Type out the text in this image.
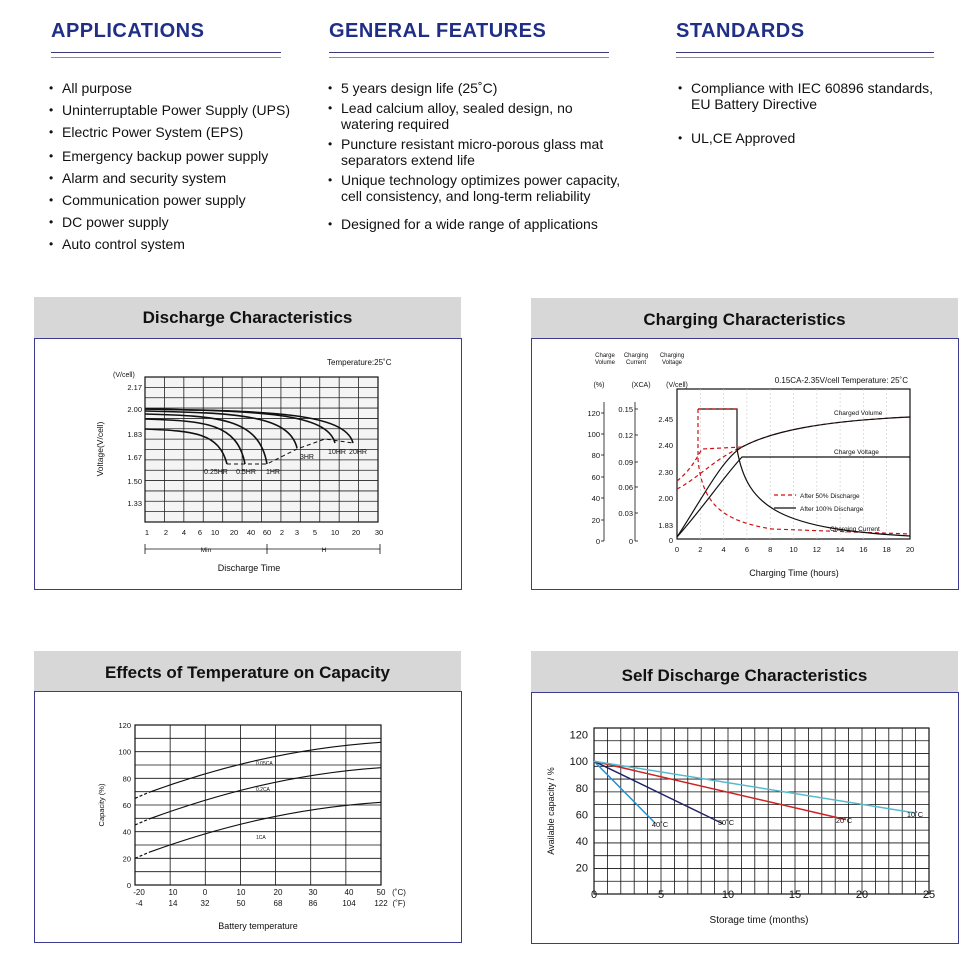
APPLICATIONS
• All purpose
• Uninterruptable Power Supply (UPS)
• Electric Power System (EPS)
• Emergency backup power supply
• Alarm and security system
• Communication power supply
• DC power supply
• Auto control system
GENERAL FEATURES
• 5 years design life (25˚C)
• Lead calcium alloy, sealed design, no
watering required
• Puncture resistant micro-porous glass mat
separators extend life
• Unique technology optimizes power capacity,
cell consistency, and long-term reliability
• Designed for a wide range of applications
STANDARDS
• Compliance with IEC 60896 standards,
EU Battery Directive
• UL,CE Approved
Discharge Characteristics
2.17
2.00
1.83
1.67
1.50
1.33
(V/cell)
Voltage(V/cell)
Temperature:25˚C
1 2 4 6 10 20 40 60 2 3 5 10 20 30
Min	H
Discharge Time
0.25HR 0.5HR 1HR
3HR
10HR 20HR
Charging Characteristics
Charge
Volume
Charging
Current
Charging
Voltage
(%)	(XCA) (V/cell)
120
100
80
60
40
20
0
0.15
0.12
0.09
0.06
0.03
0
2.45
2.40
2.30
2.00
1.83
0
0.15CA-2.35V/cell Temperature: 25˚C
0	2	4	6	8 10 12 14 16 18 20
Charging Time (hours)
Charged Volume
Charge Voltage
Charging Current
After 50% Discharge
After 100% Discharge
Effects of Temperature on Capacity
120
100
80
60
40
20
0
Capacity (%)
-20	10	0	10	20	30	40	50
-4	14	32	50	68	86	104 122
(˚C)
(˚F)
Battery temperature
0.05CA
0.2CA
1CA
Self Discharge Characteristics
120
100
80
60
40
20
Available capacity / %
0	5	10	15	20	25
Storage time (months)
40˚C	30˚C	20˚C
10˚C
